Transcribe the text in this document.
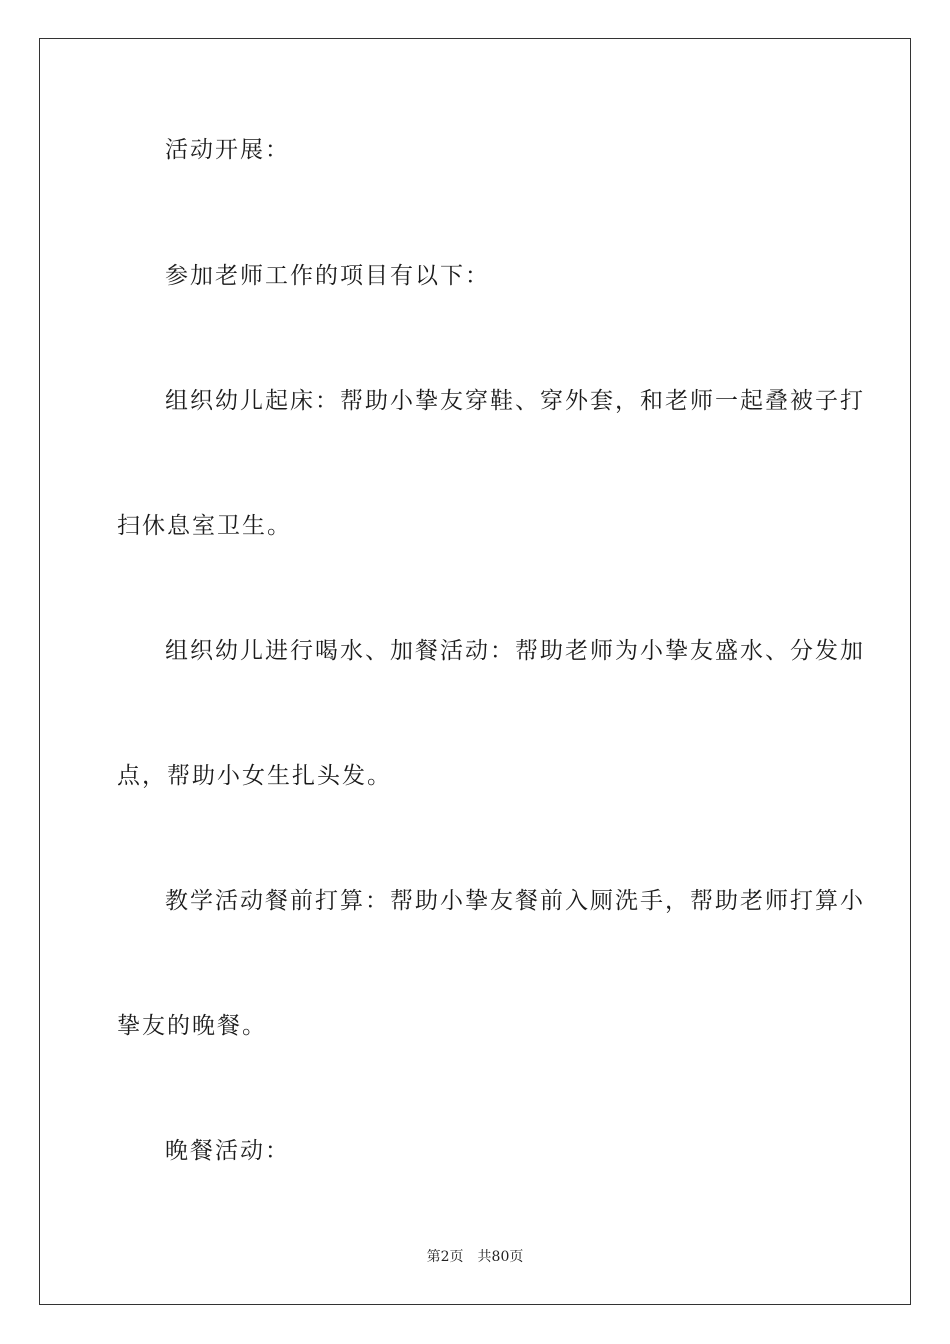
活动开展：
参加老师工作的项目有以下：
组织幼儿起床：帮助小挚友穿鞋、穿外套，和老师一起叠被子打
扫休息室卫生。
组织幼儿进行喝水、加餐活动：帮助老师为小挚友盛水、分发加
点，帮助小女生扎头发。
教学活动餐前打算：帮助小挚友餐前入厕洗手，帮助老师打算小
挚友的晚餐。
晚餐活动：
第2页 共80页
